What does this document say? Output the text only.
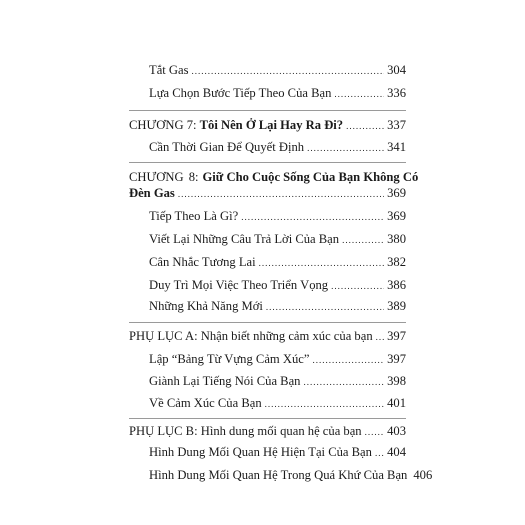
Tắt Gas .....	304
Lựa Chọn Bước Tiếp Theo Của Bạn .....	336
CHƯƠNG 7: Tôi Nên Ở Lại Hay Ra Đi? .....	337
Cần Thời Gian Để Quyết Định .....	341
CHƯƠNG 8: Giữ Cho Cuộc Sống Của Bạn Không Có
Đèn Gas .....	369
Tiếp Theo Là Gì? .....	369
Viết Lại Những Câu Trả Lời Của Bạn .....	380
Cân Nhắc Tương Lai .....	382
Duy Trì Mọi Việc Theo Triển Vọng .....	386
Những Khả Năng Mới .....	389
PHỤ LỤC A: Nhận biết những cảm xúc của bạn ..... 397
Lập “Bảng Từ Vựng Cảm Xúc” .....	397
Giành Lại Tiếng Nói Của Bạn .....	398
Về Cảm Xúc Của Bạn .....	401
PHỤ LỤC B: Hình dung mối quan hệ của bạn ..... 403
Hình Dung Mối Quan Hệ Hiện Tại Của Bạn ..... 404
Hình Dung Mối Quan Hệ Trong Quá Khứ Của Bạn 406
